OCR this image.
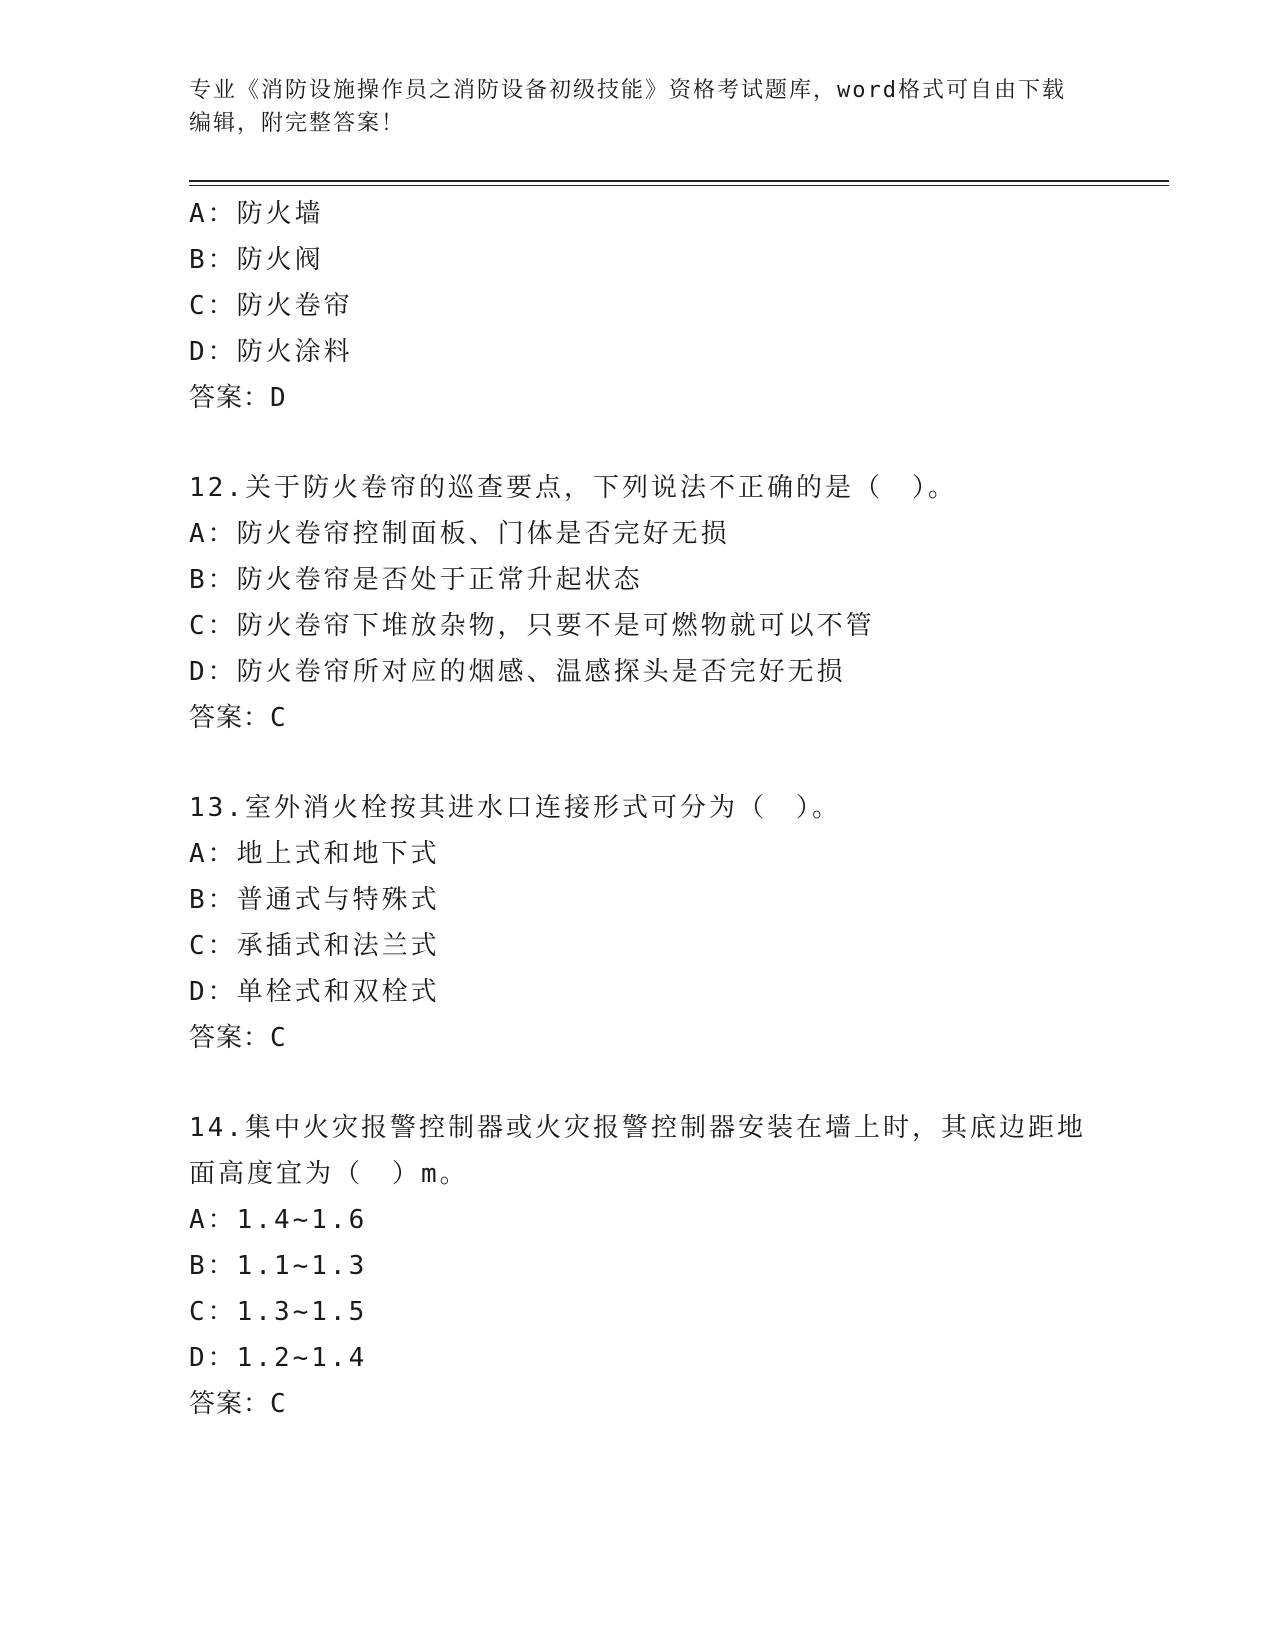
专业《消防设施操作员之消防设备初级技能》资格考试题库，word格式可自由下载编辑，附完整答案！
A：防火墙
B：防火阀
C：防火卷帘
D：防火涂料
答案：D
12.关于防火卷帘的巡查要点，下列说法不正确的是（　）。
A：防火卷帘控制面板、门体是否完好无损
B：防火卷帘是否处于正常升起状态
C：防火卷帘下堆放杂物，只要不是可燃物就可以不管
D：防火卷帘所对应的烟感、温感探头是否完好无损
答案：C
13.室外消火栓按其进水口连接形式可分为（　）。
A：地上式和地下式
B：普通式与特殊式
C：承插式和法兰式
D：单栓式和双栓式
答案：C
14.集中火灾报警控制器或火灾报警控制器安装在墙上时，其底边距地
面高度宜为（　）m。
A：1.4~1.6
B：1.1~1.3
C：1.3~1.5
D：1.2~1.4
答案：C
